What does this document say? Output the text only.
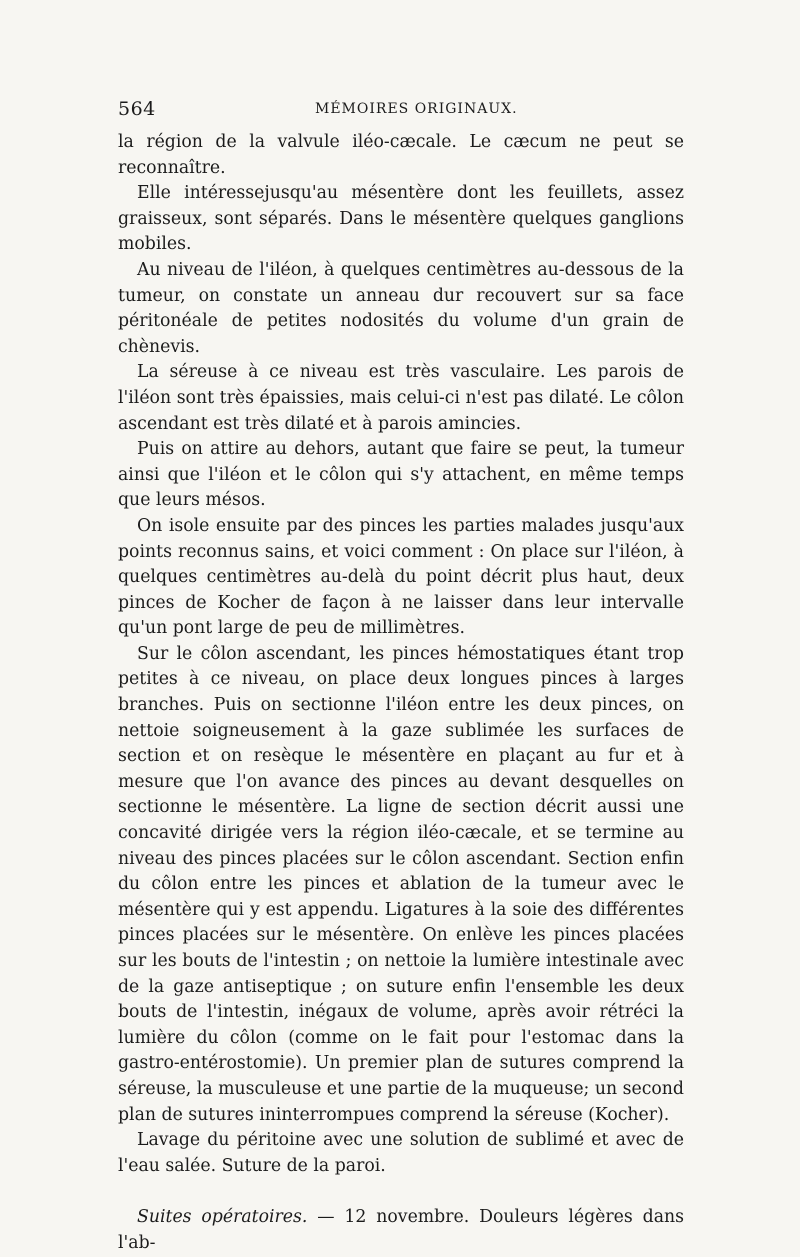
564	MÉMOIRES ORIGINAUX.

la région de la valvule iléo-cæcale. Le cæcum ne peut se reconnaître.

Elle intéressejusqu'au mésentère dont les feuillets, assez graisseux, sont séparés. Dans le mésentère quelques ganglions mobiles.

Au niveau de l'iléon, à quelques centimètres au-dessous de la tumeur, on constate un anneau dur recouvert sur sa face péritonéale de petites nodosités du volume d'un grain de chènevis.

La séreuse à ce niveau est très vasculaire. Les parois de l'iléon sont très épaissies, mais celui-ci n'est pas dilaté. Le côlon ascendant est très dilaté et à parois amincies.

Puis on attire au dehors, autant que faire se peut, la tumeur ainsi que l'iléon et le côlon qui s'y attachent, en même temps que leurs mésos.

On isole ensuite par des pinces les parties malades jusqu'aux points reconnus sains, et voici comment : On place sur l'iléon, à quelques centimètres au-delà du point décrit plus haut, deux pinces de Kocher de façon à ne laisser dans leur intervalle qu'un pont large de peu de millimètres.

Sur le côlon ascendant, les pinces hémostatiques étant trop petites à ce niveau, on place deux longues pinces à larges branches. Puis on sectionne l'iléon entre les deux pinces, on nettoie soigneusement à la gaze sublimée les surfaces de section et on resèque le mésentère en plaçant au fur et à mesure que l'on avance des pinces au devant desquelles on sectionne le mésentère. La ligne de section décrit aussi une concavité dirigée vers la région iléo-cæcale, et se termine au niveau des pinces placées sur le côlon ascendant. Section enfin du côlon entre les pinces et ablation de la tumeur avec le mésentère qui y est appendu. Ligatures à la soie des différentes pinces placées sur le mésentère. On enlève les pinces placées sur les bouts de l'intestin ; on nettoie la lumière intestinale avec de la gaze antiseptique ; on suture enfin l'ensemble les deux bouts de l'intestin, inégaux de volume, après avoir rétréci la lumière du côlon (comme on le fait pour l'estomac dans la gastro-entérostomie). Un premier plan de sutures comprend la séreuse, la musculeuse et une partie de la muqueuse; un second plan de sutures ininterrompues comprend la séreuse (Kocher).

Lavage du péritoine avec une solution de sublimé et avec de l'eau salée. Suture de la paroi.

Suites opératoires. — 12 novembre. Douleurs légères dans l'ab-
